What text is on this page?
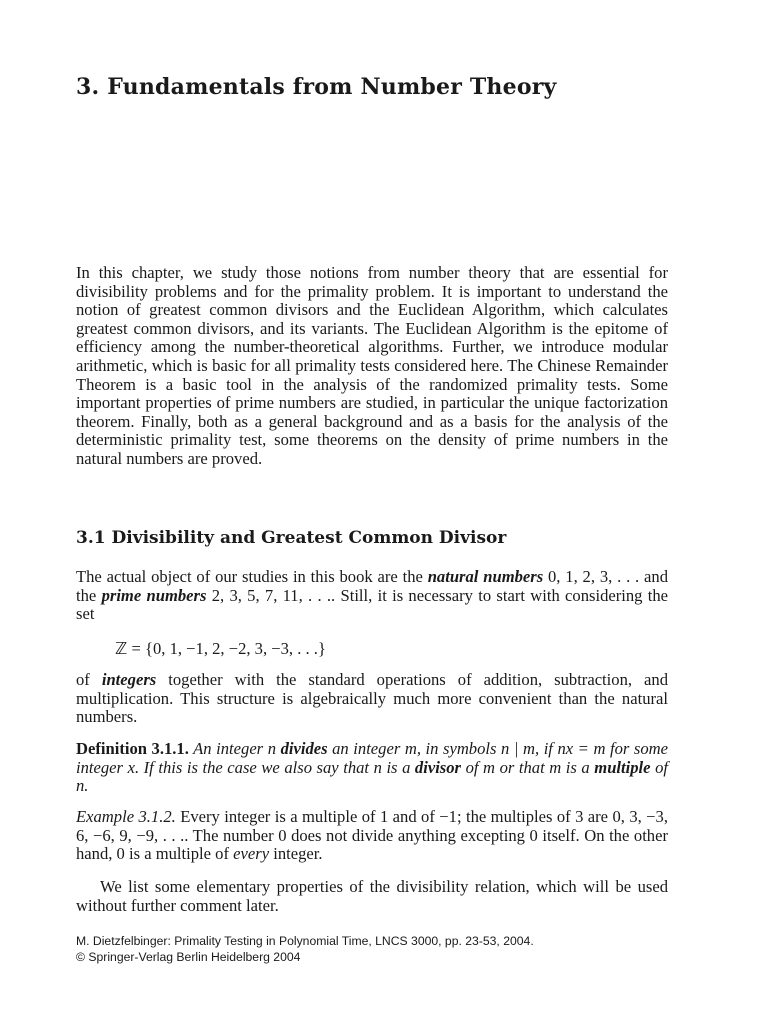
3. Fundamentals from Number Theory

In this chapter, we study those notions from number theory that are essential for divisibility problems and for the primality problem. It is important to understand the notion of greatest common divisors and the Euclidean Algorithm, which calculates greatest common divisors, and its variants. The Euclidean Algorithm is the epitome of efficiency among the number-theoretical algorithms. Further, we introduce modular arithmetic, which is basic for all primality tests considered here. The Chinese Remainder Theorem is a basic tool in the analysis of the randomized primality tests. Some important properties of prime numbers are studied, in particular the unique factorization theorem. Finally, both as a general background and as a basis for the analysis of the deterministic primality test, some theorems on the density of prime numbers in the natural numbers are proved.

3.1 Divisibility and Greatest Common Divisor

The actual object of our studies in this book are the natural numbers 0, 1, 2, 3, . . . and the prime numbers 2, 3, 5, 7, 11, . . .. Still, it is necessary to start with considering the set

ℤ = {0, 1, −1, 2, −2, 3, −3, . . .}

of integers together with the standard operations of addition, subtraction, and multiplication. This structure is algebraically much more convenient than the natural numbers.

Definition 3.1.1. An integer n divides an integer m, in symbols n | m, if nx = m for some integer x. If this is the case we also say that n is a divisor of m or that m is a multiple of n.

Example 3.1.2. Every integer is a multiple of 1 and of −1; the multiples of 3 are 0, 3, −3, 6, −6, 9, −9, . . .. The number 0 does not divide anything excepting 0 itself. On the other hand, 0 is a multiple of every integer.

We list some elementary properties of the divisibility relation, which will be used without further comment later.

M. Dietzfelbinger: Primality Testing in Polynomial Time, LNCS 3000, pp. 23-53, 2004.
© Springer-Verlag Berlin Heidelberg 2004
